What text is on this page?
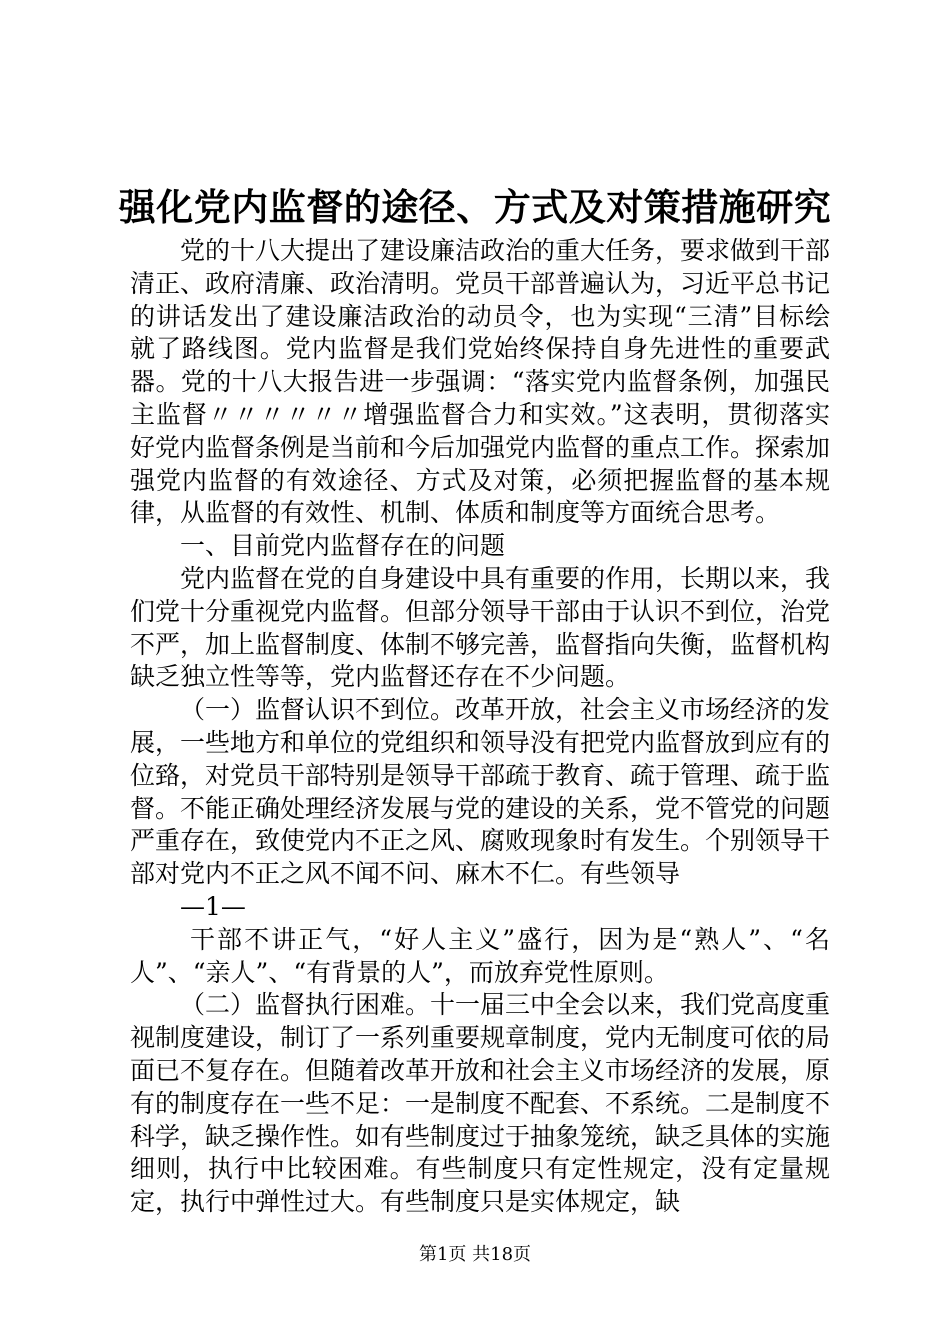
强化党内监督的途径、方式及对策措施研究

党的十八大提出了建设廉洁政治的重大任务，要求做到干部清正、政府清廉、政治清明。党员干部普遍认为，习近平总书记的讲话发出了建设廉洁政治的动员令，也为实现“三清”目标绘就了路线图。党内监督是我们党始终保持自身先进性的重要武器。党的十八大报告进一步强调：“落实党内监督条例，加强民主监督〃〃〃〃〃〃增强监督合力和实效。”这表明，贯彻落实好党内监督条例是当前和今后加强党内监督的重点工作。探索加强党内监督的有效途径、方式及对策，必须把握监督的基本规律，从监督的有效性、机制、体质和制度等方面统合思考。

一、目前党内监督存在的问题

党内监督在党的自身建设中具有重要的作用，长期以来，我们党十分重视党内监督。但部分领导干部由于认识不到位，治党不严，加上监督制度、体制不够完善，监督指向失衡，监督机构缺乏独立性等等，党内监督还存在不少问题。

（一）监督认识不到位。改革开放，社会主义市场经济的发展，一些地方和单位的党组织和领导没有把党内监督放到应有的位臵，对党员干部特别是领导干部疏于教育、疏于管理、疏于监督。不能正确处理经济发展与党的建设的关系，党不管党的问题严重存在，致使党内不正之风、腐败现象时有发生。个别领导干部对党内不正之风不闻不问、麻木不仁。有些领导

—1—

干部不讲正气，“好人主义”盛行，因为是“熟人”、“名人”、“亲人”、“有背景的人”，而放弃党性原则。

（二）监督执行困难。十一届三中全会以来，我们党高度重视制度建设，制订了一系列重要规章制度，党内无制度可依的局面已不复存在。但随着改革开放和社会主义市场经济的发展，原有的制度存在一些不足：一是制度不配套、不系统。二是制度不科学，缺乏操作性。如有些制度过于抽象笼统，缺乏具体的实施细则，执行中比较困难。有些制度只有定性规定，没有定量规定，执行中弹性过大。有些制度只是实体规定，缺

第1页 共18页
